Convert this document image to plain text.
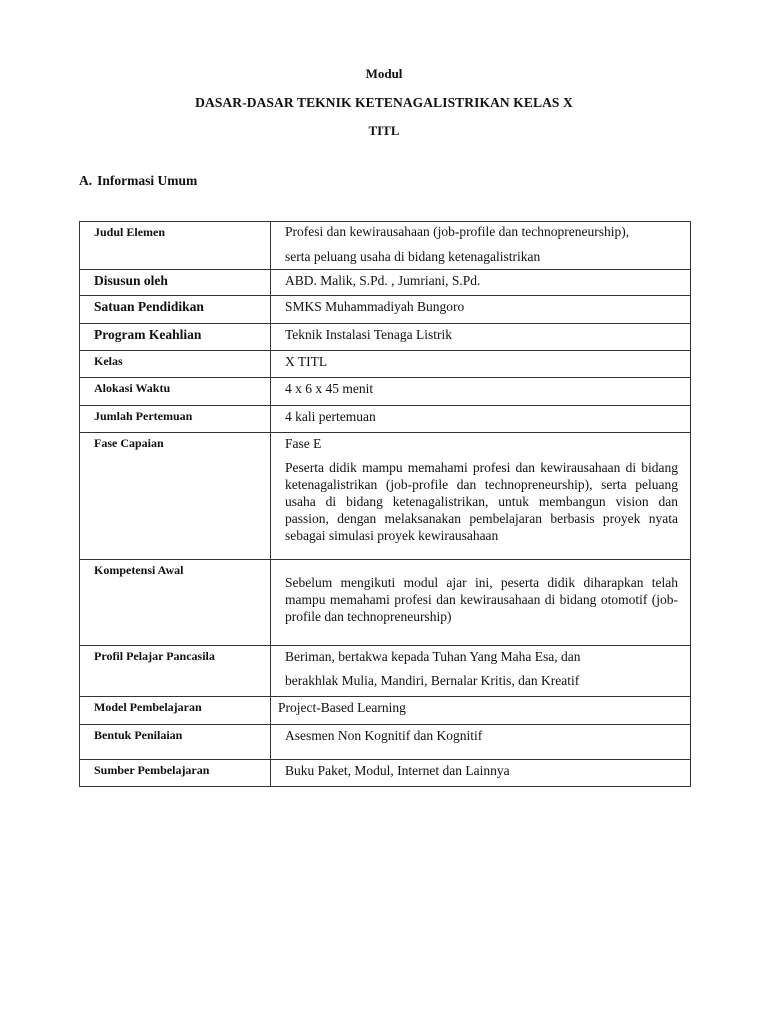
Modul
DASAR-DASAR TEKNIK KETENAGALISTRIKAN KELAS X
TITL
A. Informasi Umum
Judul Elemen	Profesi dan kewirausahaan (job-profile dan technopreneurship),
serta peluang usaha di bidang ketenagalistrikan

Disusun oleh	ABD. Malik, S.Pd. , Jumriani, S.Pd.

Satuan Pendidikan	SMKS Muhammadiyah Bungoro

Program Keahlian	Teknik Instalasi Tenaga Listrik

Kelas	X TITL

Alokasi Waktu	4 x 6 x 45 menit

Jumlah Pertemuan	4 kali pertemuan

Fase Capaian	Fase E
Peserta didik mampu memahami profesi dan kewirausahaan di bidang ketenagalistrikan (job-profile dan technopreneurship), serta peluang usaha di bidang ketenagalistrikan, untuk membangun vision dan passion, dengan melaksanakan pembelajaran berbasis proyek nyata sebagai simulasi proyek kewirausahaan

Kompetensi Awal	Sebelum mengikuti modul ajar ini, peserta didik diharapkan telah mampu memahami profesi dan kewirausahaan di bidang otomotif (job-profile dan technopreneurship)

Profil Pelajar Pancasila	Beriman, bertakwa kepada Tuhan Yang Maha Esa, dan
berakhlak Mulia, Mandiri, Bernalar Kritis, dan Kreatif

Model Pembelajaran	Project-Based Learning

Bentuk Penilaian	Asesmen Non Kognitif dan Kognitif

Sumber Pembelajaran	Buku Paket, Modul, Internet dan Lainnya
